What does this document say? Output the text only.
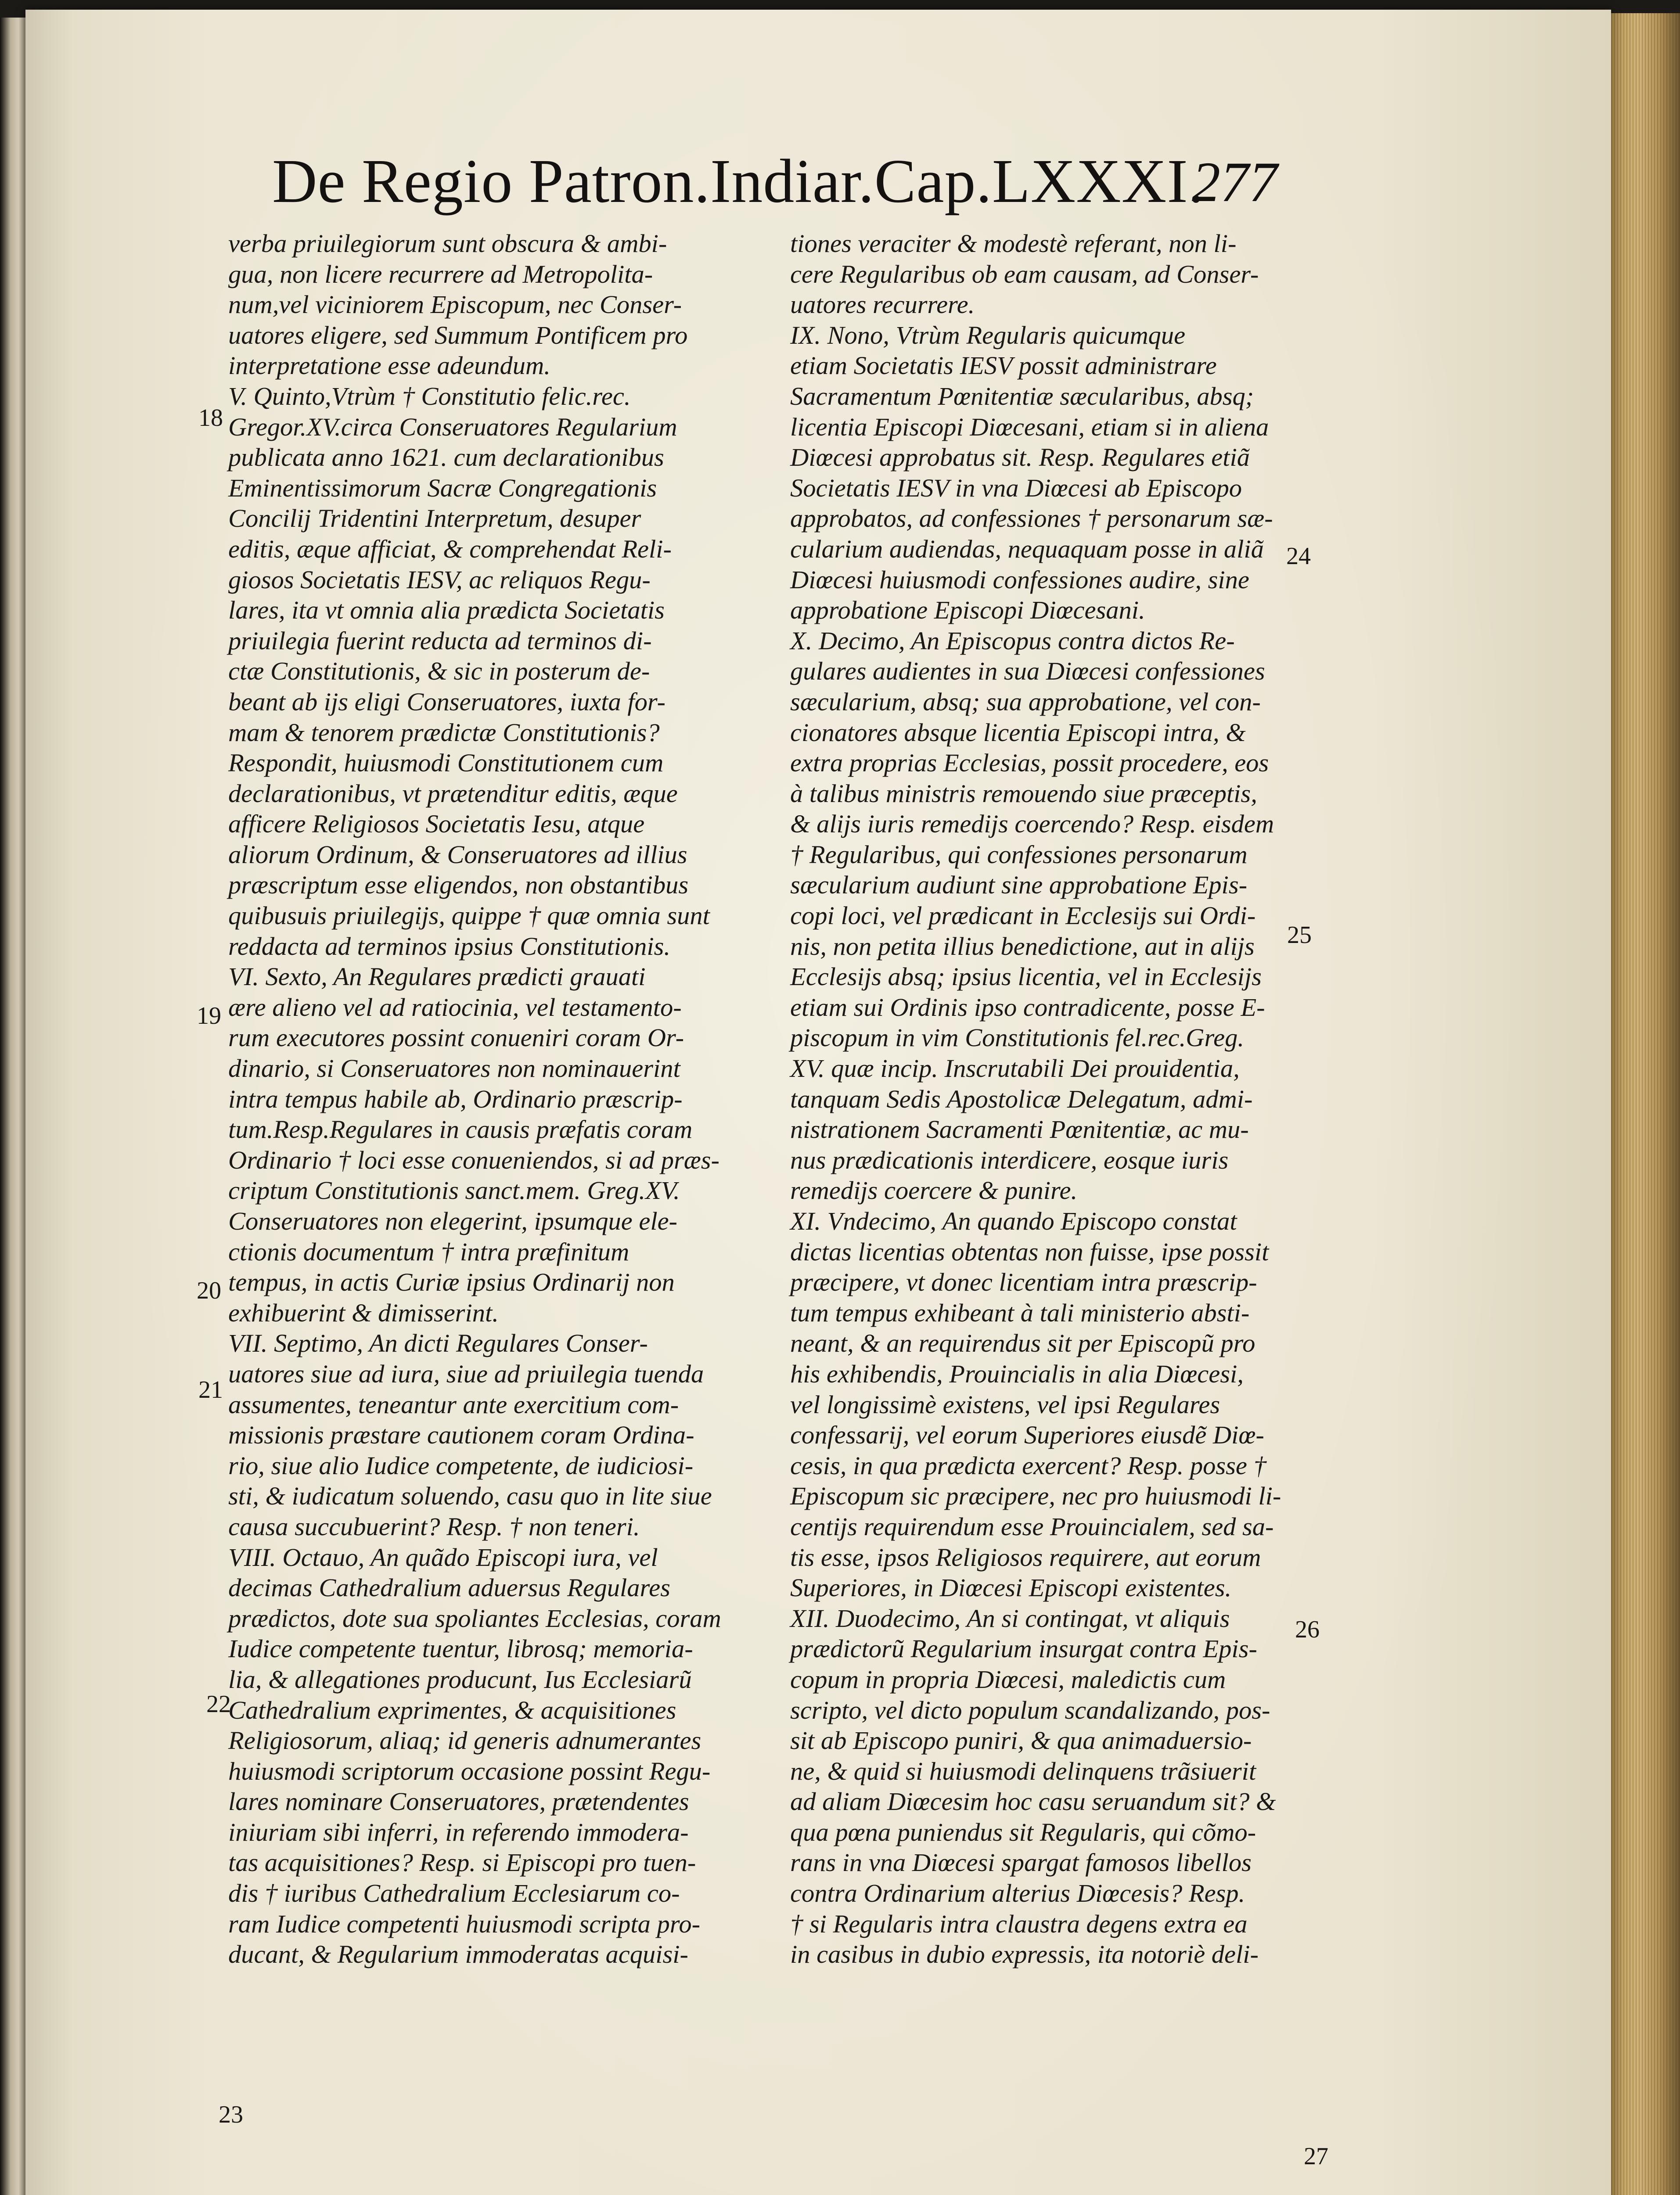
De Regio Patron.Indiar.Cap.LXXXI.
277
verba priuilegiorum sunt obscura & ambi-
gua, non licere recurrere ad Metropolita-
num,vel viciniorem Episcopum, nec Conser-
uatores eligere, sed Summum Pontificem pro
interpretatione esse adeundum.
V. Quinto,Vtrùm † Constitutio felic.rec.
Gregor.XV.circa Conseruatores Regularium
publicata anno 1621. cum declarationibus
Eminentissimorum Sacræ Congregationis
Concilij Tridentini Interpretum, desuper
editis, æque afficiat, & comprehendat Reli-
giosos Societatis IESV, ac reliquos Regu-
lares, ita vt omnia alia prædicta Societatis
priuilegia fuerint reducta ad terminos di-
ctæ Constitutionis, & sic in posterum de-
beant ab ijs eligi Conseruatores, iuxta for-
mam & tenorem prædictæ Constitutionis?
Respondit, huiusmodi Constitutionem cum
declarationibus, vt prætenditur editis, æque
afficere Religiosos Societatis Iesu, atque
aliorum Ordinum, & Conseruatores ad illius
præscriptum esse eligendos, non obstantibus
quibusuis priuilegijs, quippe † quæ omnia sunt
reddacta ad terminos ipsius Constitutionis.
VI. Sexto, An Regulares prædicti grauati
ære alieno vel ad ratiocinia, vel testamento-
rum executores possint conueniri coram Or-
dinario, si Conseruatores non nominauerint
intra tempus habile ab, Ordinario præscrip-
tum.Resp.Regulares in causis præfatis coram
Ordinario † loci esse conueniendos, si ad præs-
criptum Constitutionis sanct.mem. Greg.XV.
Conseruatores non elegerint, ipsumque ele-
ctionis documentum † intra præfinitum
tempus, in actis Curiæ ipsius Ordinarij non
exhibuerint & dimisserint.
VII. Septimo, An dicti Regulares Conser-
uatores siue ad iura, siue ad priuilegia tuenda
assumentes, teneantur ante exercitium com-
missionis præstare cautionem coram Ordina-
rio, siue alio Iudice competente, de iudiciosi-
sti, & iudicatum soluendo, casu quo in lite siue
causa succubuerint? Resp. † non teneri.
VIII. Octauo, An quãdo Episcopi iura, vel
decimas Cathedralium aduersus Regulares
prædictos, dote sua spoliantes Ecclesias, coram
Iudice competente tuentur, librosq; memoria-
lia, & allegationes producunt, Ius Ecclesiarũ
Cathedralium exprimentes, & acquisitiones
Religiosorum, aliaq; id generis adnumerantes
huiusmodi scriptorum occasione possint Regu-
lares nominare Conseruatores, prætendentes
iniuriam sibi inferri, in referendo immodera-
tas acquisitiones? Resp. si Episcopi pro tuen-
dis † iuribus Cathedralium Ecclesiarum co-
ram Iudice competenti huiusmodi scripta pro-
ducant, & Regularium immoderatas acquisi-
tiones veraciter & modestè referant, non li-
cere Regularibus ob eam causam, ad Conser-
uatores recurrere.
IX. Nono, Vtrùm Regularis quicumque
etiam Societatis IESV possit administrare
Sacramentum Pœnitentiæ sæcularibus, absq;
licentia Episcopi Diœcesani, etiam si in aliena
Diœcesi approbatus sit. Resp. Regulares etiã
Societatis IESV in vna Diœcesi ab Episcopo
approbatos, ad confessiones † personarum sæ-
cularium audiendas, nequaquam posse in aliã
Diœcesi huiusmodi confessiones audire, sine
approbatione Episcopi Diœcesani.
X. Decimo, An Episcopus contra dictos Re-
gulares audientes in sua Diœcesi confessiones
sæcularium, absq; sua approbatione, vel con-
cionatores absque licentia Episcopi intra, &
extra proprias Ecclesias, possit procedere, eos
à talibus ministris remouendo siue præceptis,
& alijs iuris remedijs coercendo? Resp. eisdem
† Regularibus, qui confessiones personarum
sæcularium audiunt sine approbatione Epis-
copi loci, vel prædicant in Ecclesijs sui Ordi-
nis, non petita illius benedictione, aut in alijs
Ecclesijs absq; ipsius licentia, vel in Ecclesijs
etiam sui Ordinis ipso contradicente, posse E-
piscopum in vim Constitutionis fel.rec.Greg.
XV. quæ incip. Inscrutabili Dei prouidentia,
tanquam Sedis Apostolicæ Delegatum, admi-
nistrationem Sacramenti Pœnitentiæ, ac mu-
nus prædicationis interdicere, eosque iuris
remedijs coercere & punire.
XI. Vndecimo, An quando Episcopo constat
dictas licentias obtentas non fuisse, ipse possit
præcipere, vt donec licentiam intra præscrip-
tum tempus exhibeant à tali ministerio absti-
neant, & an requirendus sit per Episcopũ pro
his exhibendis, Prouincialis in alia Diœcesi,
vel longissimè existens, vel ipsi Regulares
confessarij, vel eorum Superiores eiusdẽ Diœ-
cesis, in qua prædicta exercent? Resp. posse †
Episcopum sic præcipere, nec pro huiusmodi li-
centijs requirendum esse Prouincialem, sed sa-
tis esse, ipsos Religiosos requirere, aut eorum
Superiores, in Diœcesi Episcopi existentes.
XII. Duodecimo, An si contingat, vt aliquis
prædictorũ Regularium insurgat contra Epis-
copum in propria Diœcesi, maledictis cum
scripto, vel dicto populum scandalizando, pos-
sit ab Episcopo puniri, & qua animaduersio-
ne, & quid si huiusmodi delinquens trãsiuerit
ad aliam Diœcesim hoc casu seruandum sit? &
qua pœna puniendus sit Regularis, qui cõmo-
rans in vna Diœcesi spargat famosos libellos
contra Ordinarium alterius Diœcesis? Resp.
† si Regularis intra claustra degens extra ea
in casibus in dubio expressis, ita notoriè deli-
18
19
20
21
22
23
24
25
26
27
